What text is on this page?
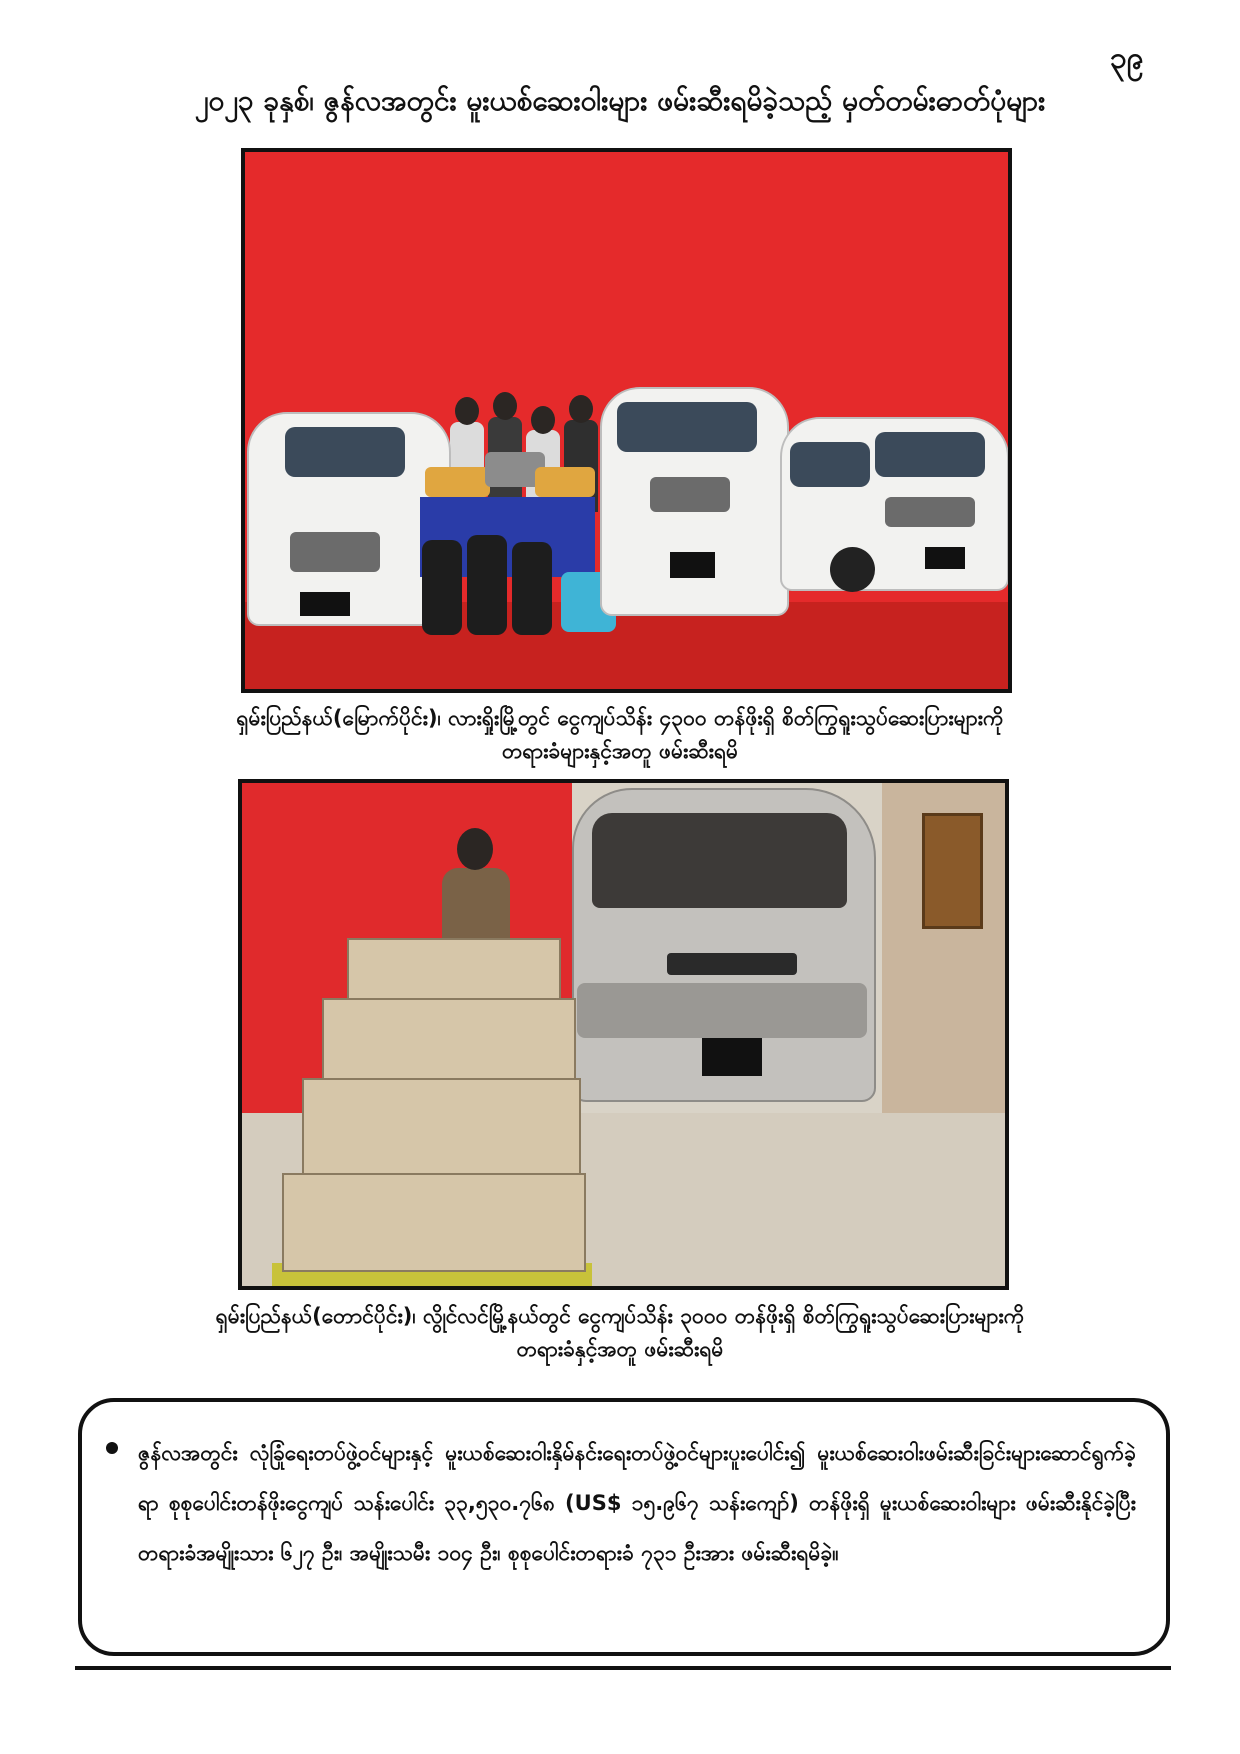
၃၉
၂၀၂၃ ခုနှစ်၊ ဇွန်လအတွင်း မူးယစ်ဆေးဝါးများ ဖမ်းဆီးရမိခဲ့သည့် မှတ်တမ်းဓာတ်ပုံများ
ရှမ်းပြည်နယ်(မြောက်ပိုင်း)၊ လားရှိုးမြို့တွင် ငွေကျပ်သိန်း ၄၃၀၀ တန်ဖိုးရှိ စိတ်ကြွရူးသွပ်ဆေးပြားများကို
တရားခံများနှင့်အတူ ဖမ်းဆီးရမိ
ရှမ်းပြည်နယ်(တောင်ပိုင်း)၊ လွိုင်လင်မြို့နယ်တွင် ငွေကျပ်သိန်း ၃၀၀၀ တန်ဖိုးရှိ စိတ်ကြွရူးသွပ်ဆေးပြားများကို
တရားခံနှင့်အတူ ဖမ်းဆီးရမိ
ဇွန်လအတွင်း လုံခြုံရေးတပ်ဖွဲ့ဝင်များနှင့် မူးယစ်ဆေးဝါးနှိမ်နင်းရေးတပ်ဖွဲ့ဝင်များပူးပေါင်း၍ မူးယစ်ဆေးဝါးဖမ်းဆီးခြင်းများဆောင်ရွက်ခဲ့ရာ စုစုပေါင်းတန်ဖိုးငွေကျပ် သန်းပေါင်း ၃၃,၅၃၀.၇၆၈ (US$ ၁၅.၉၆၇ သန်းကျော်) တန်ဖိုးရှိ မူးယစ်ဆေးဝါးများ ဖမ်းဆီးနိုင်ခဲ့ပြီး တရားခံအမျိုးသား ၆၂၇ ဦး၊ အမျိုးသမီး ၁၀၄ ဦး၊ စုစုပေါင်းတရားခံ ၇၃၁ ဦးအား ဖမ်းဆီးရမိခဲ့။
